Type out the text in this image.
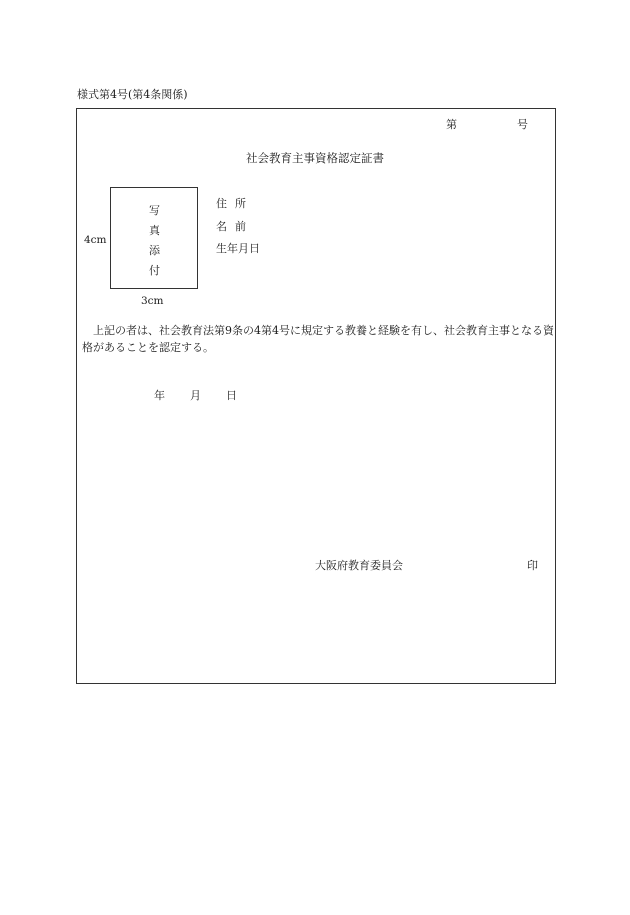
様式第4号(第4条関係)
第	号
社会教育主事資格認定証書
写
真
添
付
4cm
3cm
住所
名前
生年月日
上記の者は、社会教育法第9条の4第4号に規定する教養と経験を有し、社会教育主事となる資格があることを認定する。
年 月 日
大阪府教育委員会	印
